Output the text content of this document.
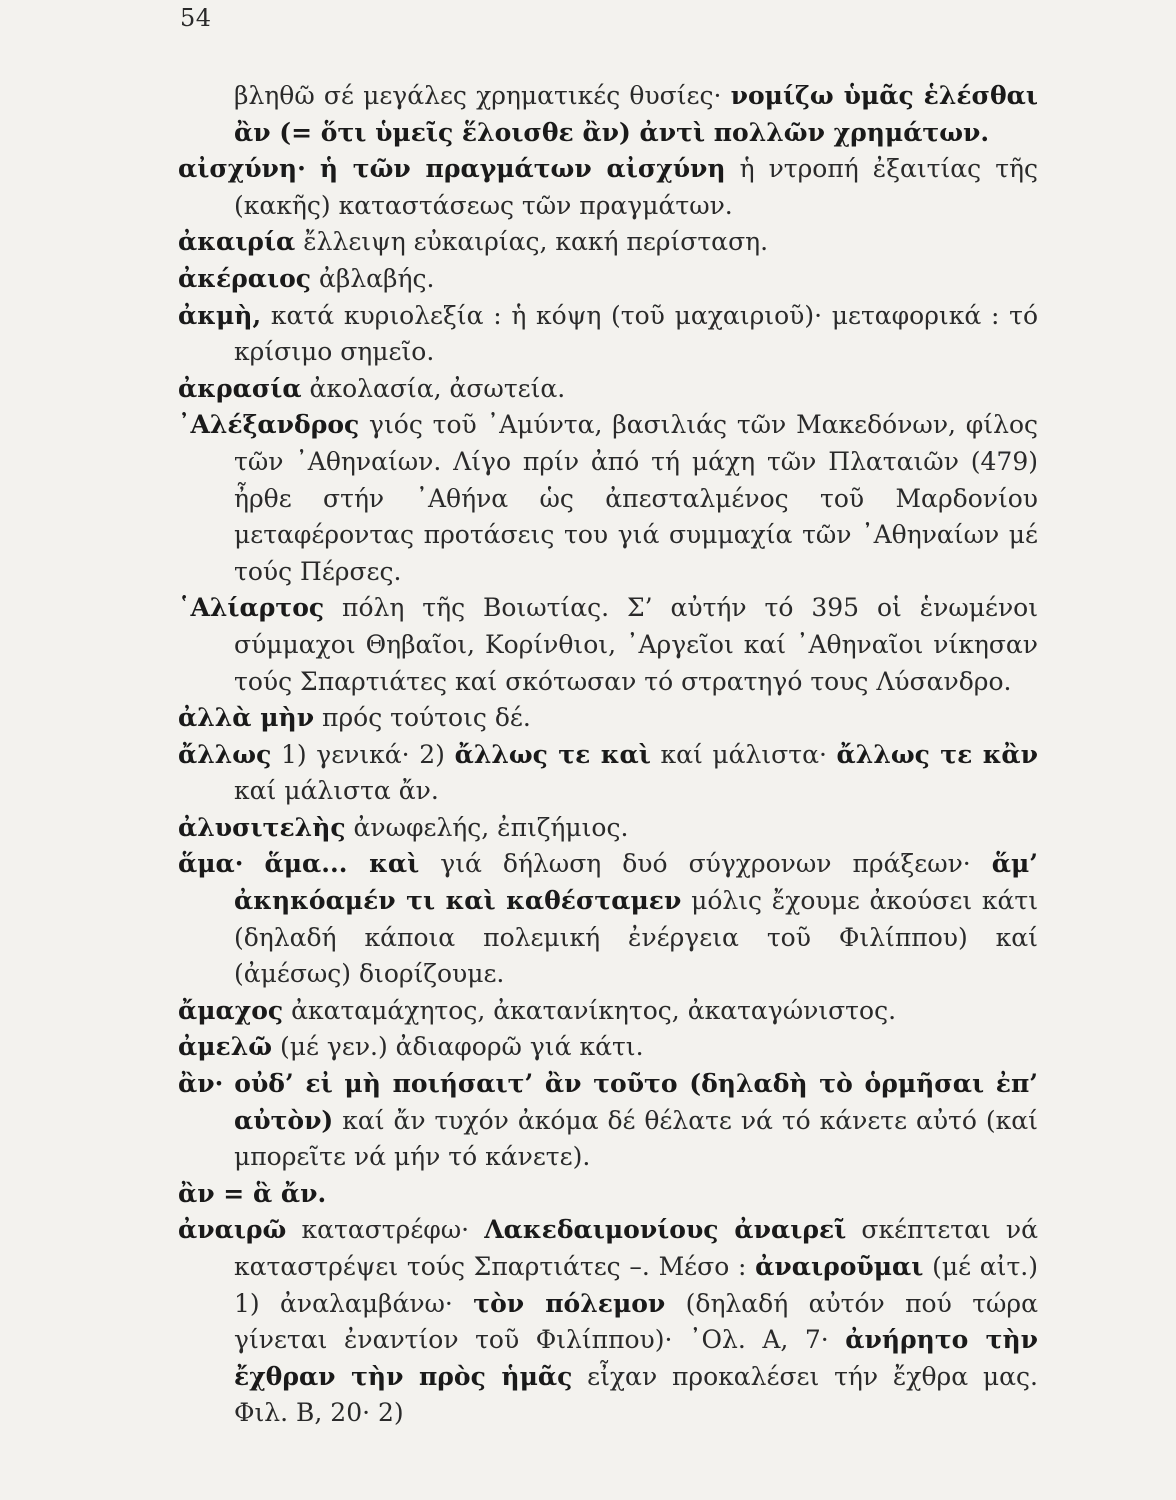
54

βληθῶ σέ μεγάλες χρηματικές θυσίες· νομίζω ὑμᾶς ἑλέσθαι ἂν (= ὅτι ὑμεῖς ἕλοισθε ἂν) ἀντὶ πολλῶν χρημάτων.

αἰσχύνη· ἡ τῶν πραγμάτων αἰσχύνη ἡ ντροπή ἐξαιτίας τῆς (κακῆς) καταστάσεως τῶν πραγμάτων.

ἀκαιρία ἔλλειψη εὐκαιρίας, κακή περίσταση.

ἀκέραιος ἀβλαβής.

ἀκμὴ, κατά κυριολεξία : ἡ κόψη (τοῦ μαχαιριοῦ)· μεταφορικά : τό κρίσιμο σημεῖο.

ἀκρασία ἀκολασία, ἀσωτεία.

᾿Αλέξανδρος γιός τοῦ ᾿Αμύντα, βασιλιάς τῶν Μακεδόνων, φίλος τῶν ᾿Αθηναίων. Λίγο πρίν ἀπό τή μάχη τῶν Πλαταιῶν (479) ἦρθε στήν ᾿Αθήνα ὡς ἀπεσταλμένος τοῦ Μαρδονίου μεταφέροντας προτάσεις του γιά συμμαχία τῶν ᾿Αθηναίων μέ τούς Πέρσες.

῾Αλίαρτος πόλη τῆς Βοιωτίας. Σ’ αὐτήν τό 395 οἱ ἑνωμένοι σύμμαχοι Θηβαῖοι, Κορίνθιοι, ᾿Αργεῖοι καί ᾿Αθηναῖοι νίκησαν τούς Σπαρτιάτες καί σκότωσαν τό στρατηγό τους Λύσανδρο.

ἀλλὰ μὴν πρός τούτοις δέ.

ἄλλως 1) γενικά· 2) ἄλλως τε καὶ καί μάλιστα· ἄλλως τε κἂν καί μάλιστα ἄν.

ἀλυσιτελὴς ἀνωφελής, ἐπιζήμιος.

ἅμα· ἅμα... καὶ γιά δήλωση δυό σύγχρονων πράξεων· ἅμ’ ἀκηκόαμέν τι καὶ καθέσταμεν μόλις ἔχουμε ἀκούσει κάτι (δηλαδή κάποια πολεμική ἐνέργεια τοῦ Φιλίππου) καί (ἀμέσως) διορίζουμε.

ἄμαχος ἀκαταμάχητος, ἀκατανίκητος, ἀκαταγώνιστος.

ἀμελῶ (μέ γεν.) ἀδιαφορῶ γιά κάτι.

ἂν· οὐδ’ εἰ μὴ ποιήσαιτ’ ἂν τοῦτο (δηλαδὴ τὸ ὁρμῆσαι ἐπ’ αὐτὸν) καί ἄν τυχόν ἀκόμα δέ θέλατε νά τό κάνετε αὐτό (καί μπορεῖτε νά μήν τό κάνετε).

ἂν = ἃ ἄν.

ἀναιρῶ καταστρέφω· Λακεδαιμονίους ἀναιρεῖ σκέπτεται νά καταστρέψει τούς Σπαρτιάτες –. Μέσο : ἀναιροῦμαι (μέ αἰτ.) 1) ἀναλαμβάνω· τὸν πόλεμον (δηλαδή αὐτόν πού τώρα γίνεται ἐναντίον τοῦ Φιλίππου)· ᾿Ολ. Α, 7· ἀνήρητο τὴν ἔχθραν τὴν πρὸς ἡμᾶς εἶχαν προκαλέσει τήν ἔχθρα μας. Φιλ. Β, 20· 2)
